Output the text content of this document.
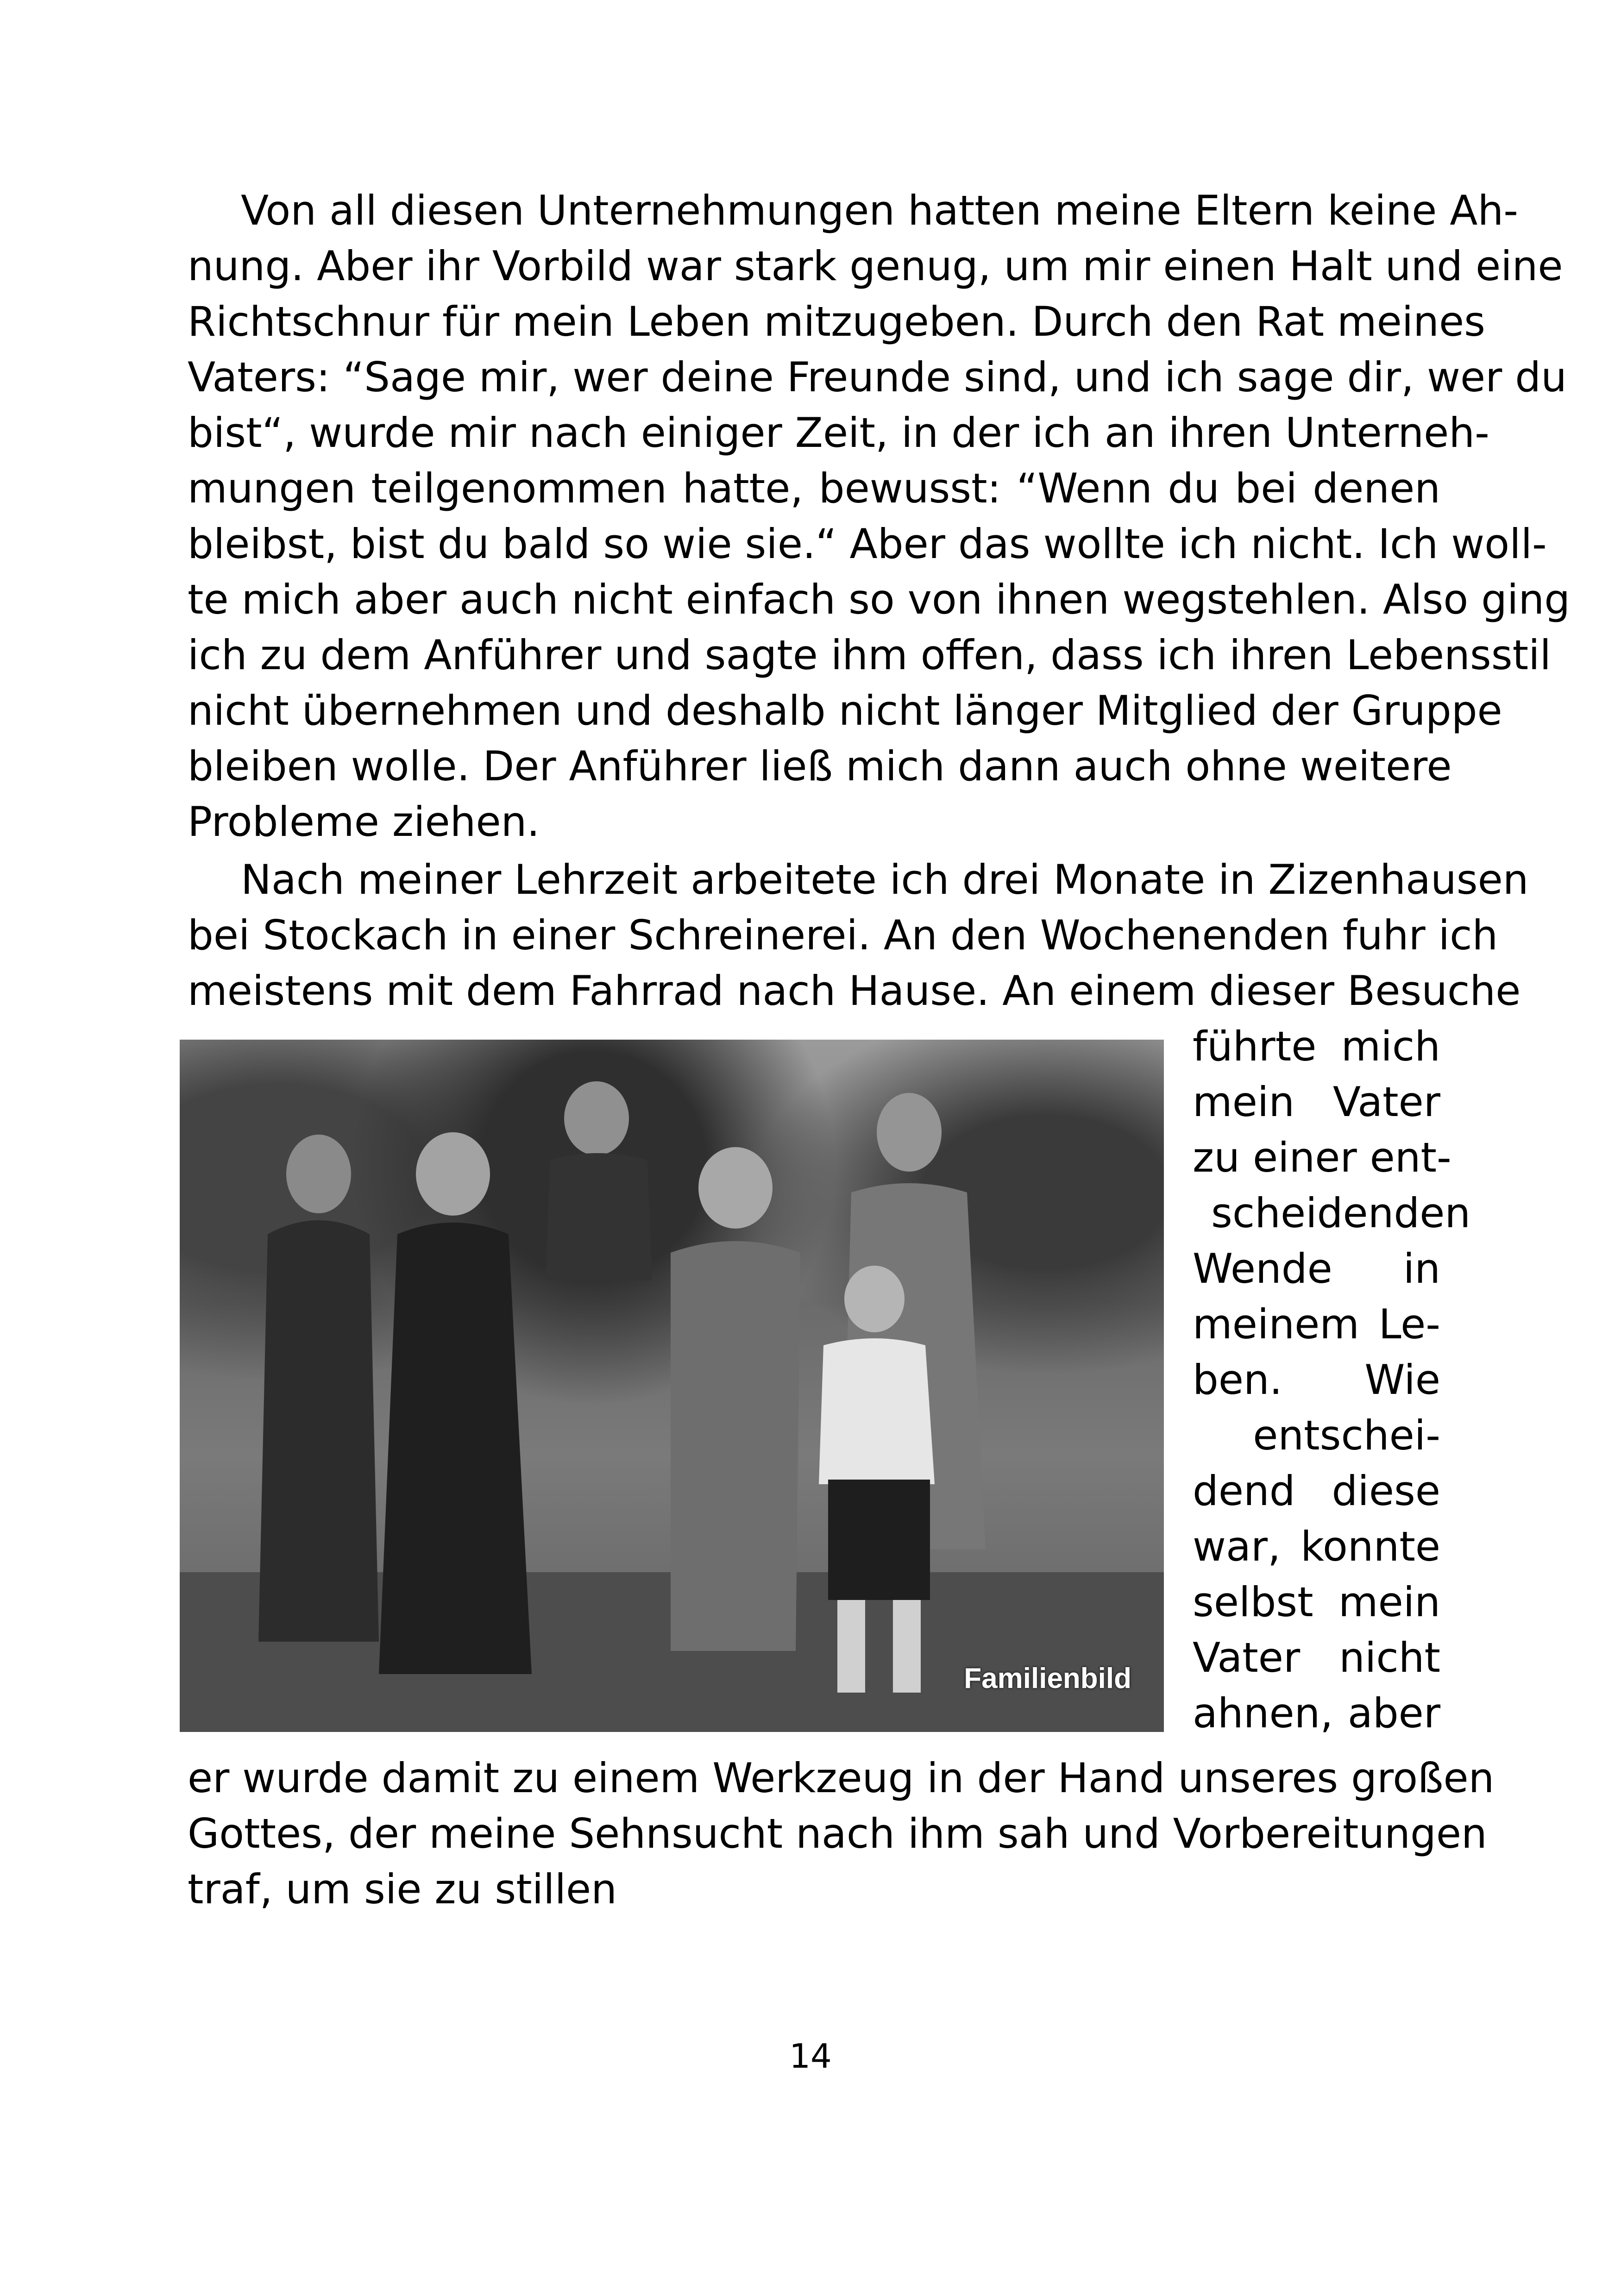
Von all diesen Unternehmungen hatten meine Eltern keine Ah-

nung. Aber ihr Vorbild war stark genug, um mir einen Halt und eine

Richtschnur für mein Leben mitzugeben. Durch den Rat meines

Vaters: “Sage mir, wer deine Freunde sind, und ich sage dir, wer du

bist“, wurde mir nach einiger Zeit, in der ich an ihren Unterneh-

mungen teilgenommen hatte, bewusst: “Wenn du bei denen

bleibst, bist du bald so wie sie.“ Aber das wollte ich nicht. Ich woll-

te mich aber auch nicht einfach so von ihnen wegstehlen. Also ging

ich zu dem Anführer und sagte ihm offen, dass ich ihren Lebensstil

nicht übernehmen und deshalb nicht länger Mitglied der Gruppe

bleiben wolle. Der Anführer ließ mich dann auch ohne weitere

Probleme ziehen.

Nach meiner Lehrzeit arbeitete ich drei Monate in Zizenhausen

bei Stockach in einer Schreinerei. An den Wochenenden fuhr ich

meistens mit dem Fahrrad nach Hause. An einem dieser Besuche

Familienbild

führte mich

mein Vater

zu einer ent-

scheidenden

Wende in

meinem Le-

ben. Wie

entschei-

dend diese

war, konnte

selbst mein

Vater nicht

ahnen, aber

er wurde damit zu einem Werkzeug in der Hand unseres großen

Gottes, der meine Sehnsucht nach ihm sah und Vorbereitungen

traf, um sie zu stillen

14
